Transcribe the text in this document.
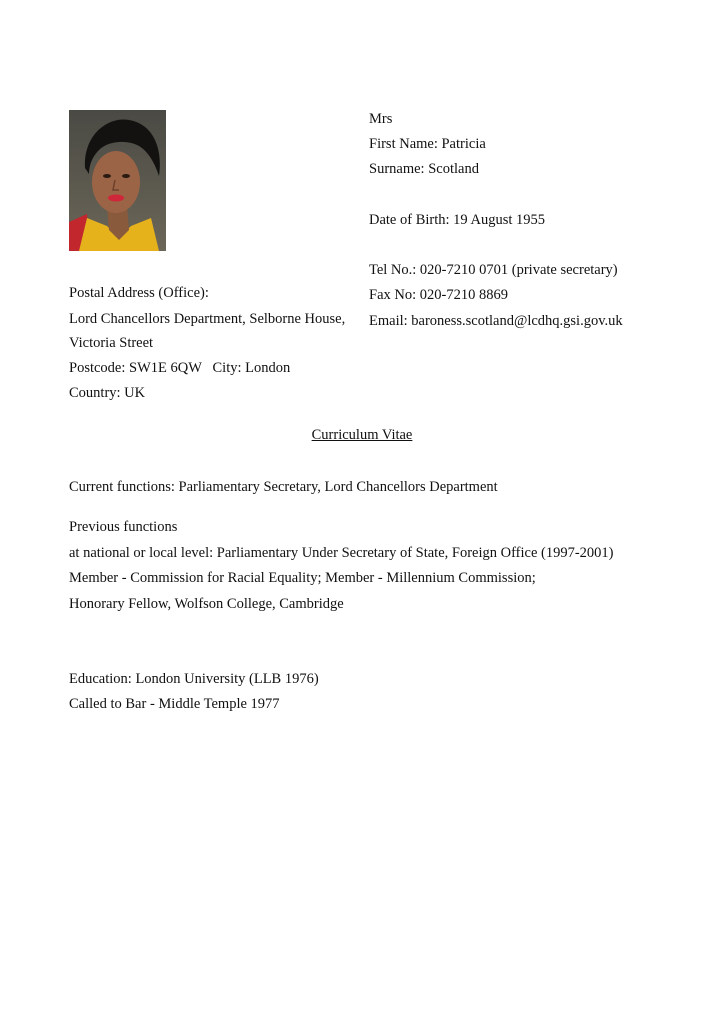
Mrs
First Name: Patricia
Surname: Scotland
Date of Birth: 19 August 1955
Tel No.: 020-7210 0701 (private secretary)
Fax No: 020-7210 8869
Email: baroness.scotland@lcdhq.gsi.gov.uk
Postal Address (Office):
Lord Chancellors Department, Selborne House,
Victoria Street
Postcode: SW1E 6QW   City: London
Country: UK
Curriculum Vitae
Current functions: Parliamentary Secretary, Lord Chancellors Department
Previous functions
at national or local level: Parliamentary Under Secretary of State, Foreign Office (1997-2001)
Member - Commission for Racial Equality; Member - Millennium Commission;
Honorary Fellow, Wolfson College, Cambridge
Education: London University (LLB 1976)
Called to Bar - Middle Temple 1977
